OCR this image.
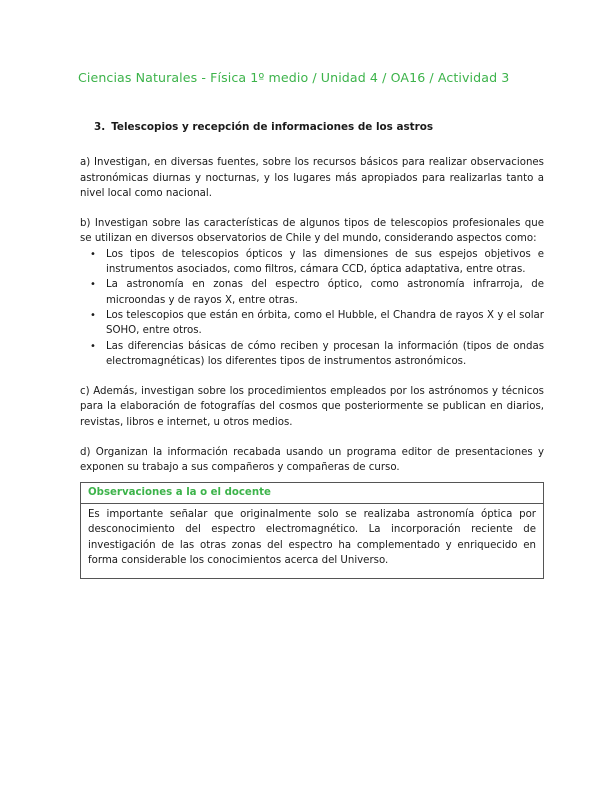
Ciencias Naturales - Física 1º medio / Unidad 4 / OA16 / Actividad 3
3. Telescopios y recepción de informaciones de los astros

a) Investigan, en diversas fuentes, sobre los recursos básicos para realizar observaciones astronómicas diurnas y nocturnas, y los lugares más apropiados para realizarlas tanto a nivel local como nacional.

b) Investigan sobre las características de algunos tipos de telescopios profesionales que se utilizan en diversos observatorios de Chile y del mundo, considerando aspectos como:

• Los tipos de telescopios ópticos y las dimensiones de sus espejos objetivos e instrumentos asociados, como filtros, cámara CCD, óptica adaptativa, entre otras.
• La astronomía en zonas del espectro óptico, como astronomía infrarroja, de microondas y de rayos X, entre otras.
• Los telescopios que están en órbita, como el Hubble, el Chandra de rayos X y el solar SOHO, entre otros.
• Las diferencias básicas de cómo reciben y procesan la información (tipos de ondas electromagnéticas) los diferentes tipos de instrumentos astronómicos.

c) Además, investigan sobre los procedimientos empleados por los astrónomos y técnicos para la elaboración de fotografías del cosmos que posteriormente se publican en diarios, revistas, libros e internet, u otros medios.

d) Organizan la información recabada usando un programa editor de presentaciones y exponen su trabajo a sus compañeros y compañeras de curso.

Observaciones a la o el docente
Es importante señalar que originalmente solo se realizaba astronomía óptica por desconocimiento del espectro electromagnético. La incorporación reciente de investigación de las otras zonas del espectro ha complementado y enriquecido en forma considerable los conocimientos acerca del Universo.
